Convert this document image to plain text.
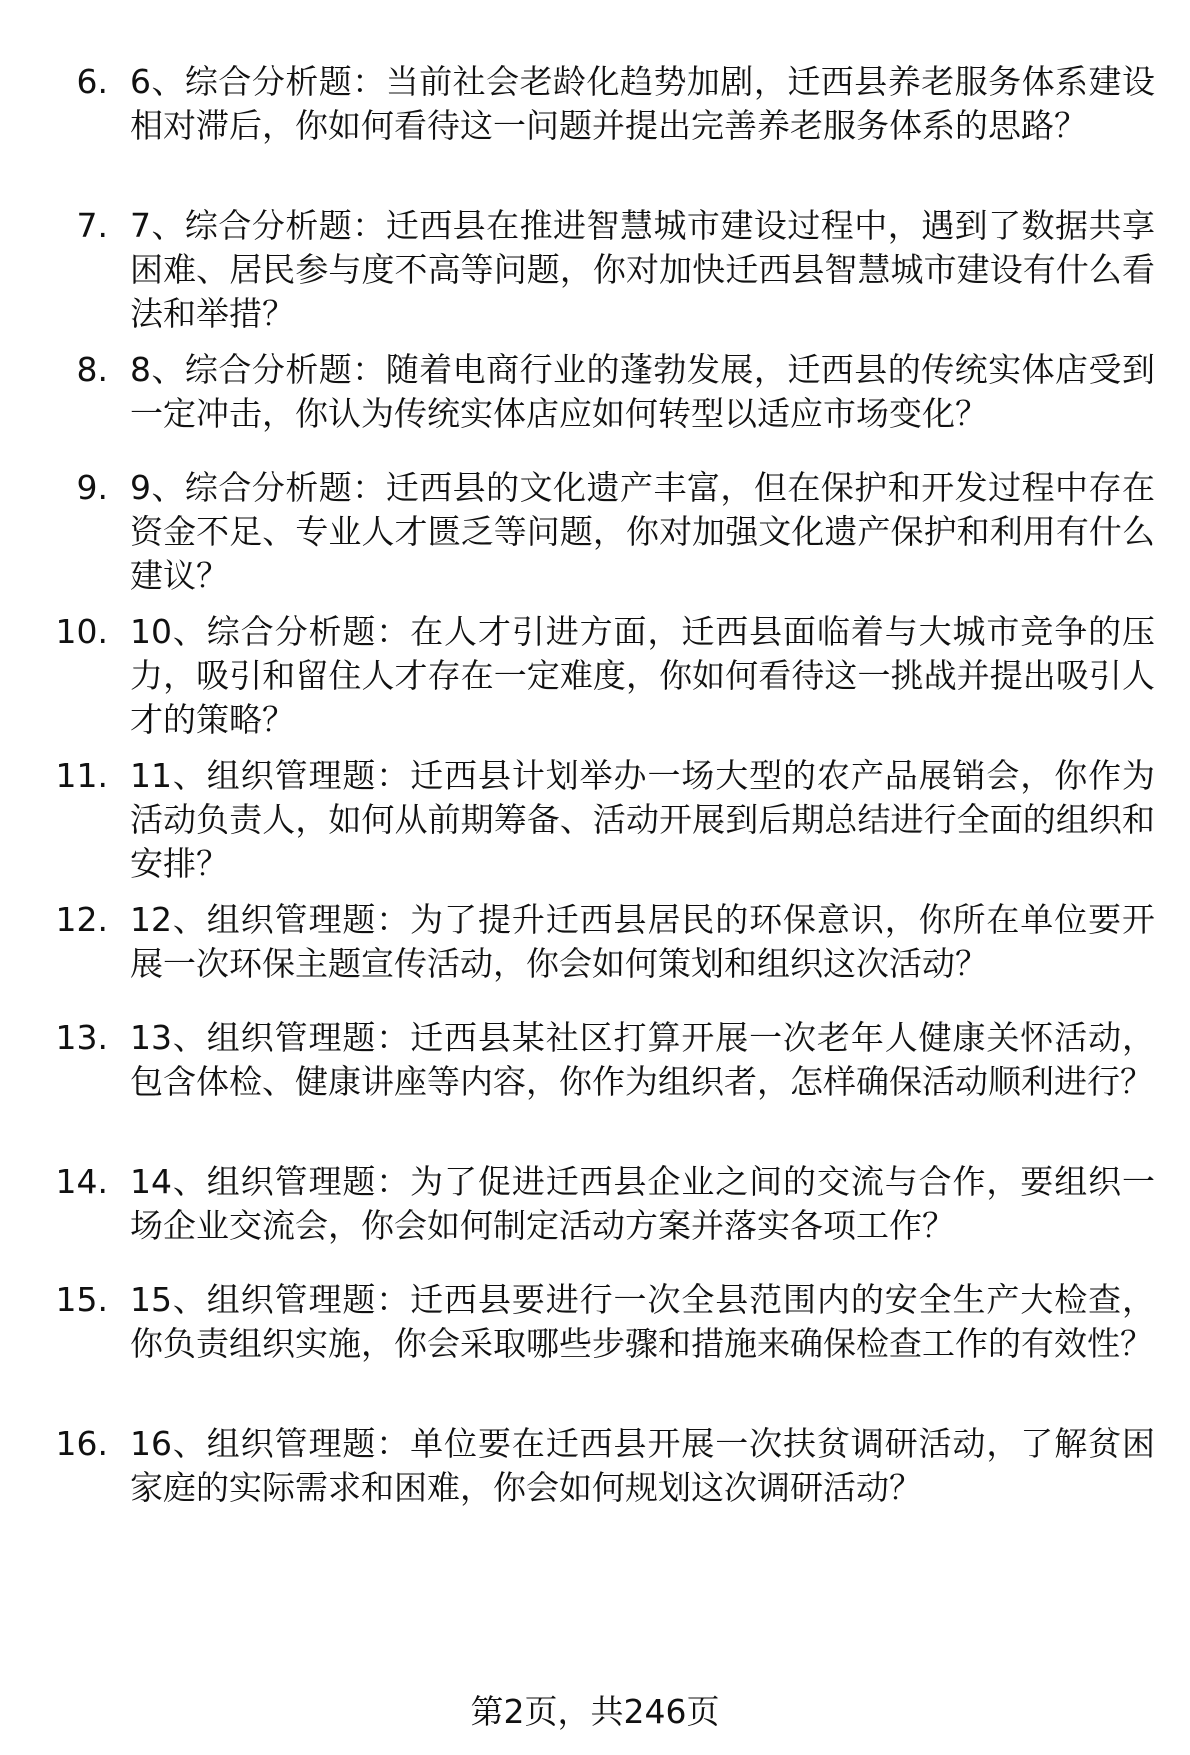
6. 6、综合分析题：当前社会老龄化趋势加剧，迁西县养老服务体系建设相对滞后，你如何看待这一问题并提出完善养老服务体系的思路？
7. 7、综合分析题：迁西县在推进智慧城市建设过程中，遇到了数据共享困难、居民参与度不高等问题，你对加快迁西县智慧城市建设有什么看法和举措？
8. 8、综合分析题：随着电商行业的蓬勃发展，迁西县的传统实体店受到一定冲击，你认为传统实体店应如何转型以适应市场变化？
9. 9、综合分析题：迁西县的文化遗产丰富，但在保护和开发过程中存在资金不足、专业人才匮乏等问题，你对加强文化遗产保护和利用有什么建议？
10. 10、综合分析题：在人才引进方面，迁西县面临着与大城市竞争的压力，吸引和留住人才存在一定难度，你如何看待这一挑战并提出吸引人才的策略？
11. 11、组织管理题：迁西县计划举办一场大型的农产品展销会，你作为活动负责人，如何从前期筹备、活动开展到后期总结进行全面的组织和安排？
12. 12、组织管理题：为了提升迁西县居民的环保意识，你所在单位要开展一次环保主题宣传活动，你会如何策划和组织这次活动？
13. 13、组织管理题：迁西县某社区打算开展一次老年人健康关怀活动，包含体检、健康讲座等内容，你作为组织者，怎样确保活动顺利进行？
14. 14、组织管理题：为了促进迁西县企业之间的交流与合作，要组织一场企业交流会，你会如何制定活动方案并落实各项工作？
15. 15、组织管理题：迁西县要进行一次全县范围内的安全生产大检查，你负责组织实施，你会采取哪些步骤和措施来确保检查工作的有效性？
16. 16、组织管理题：单位要在迁西县开展一次扶贫调研活动，了解贫困家庭的实际需求和困难，你会如何规划这次调研活动？
第2页，共246页
